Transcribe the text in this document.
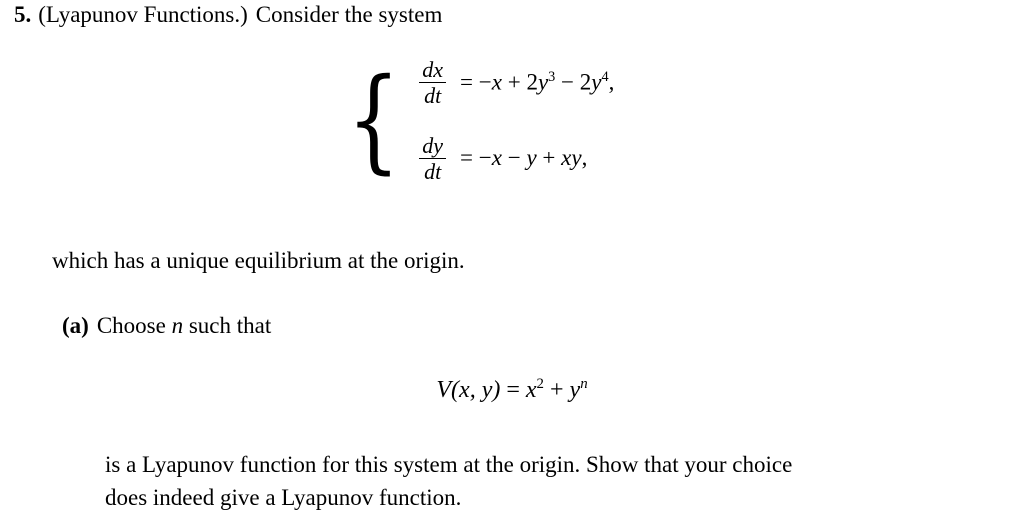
5. (Lyapunov Functions.) Consider the system
{ $\frac{dx}{dt} = -x + 2y^3 - 2y^4$,
$\frac{dy}{dt} = -x - y$ + xy,
which has a unique equilibrium at the origin.
(a) Choose n such that
V(x, $y) = x^2 + y^n$
is a Lyapunov function for this system at the origin. Show that your choice
does indeed give a Lyapunov function.
